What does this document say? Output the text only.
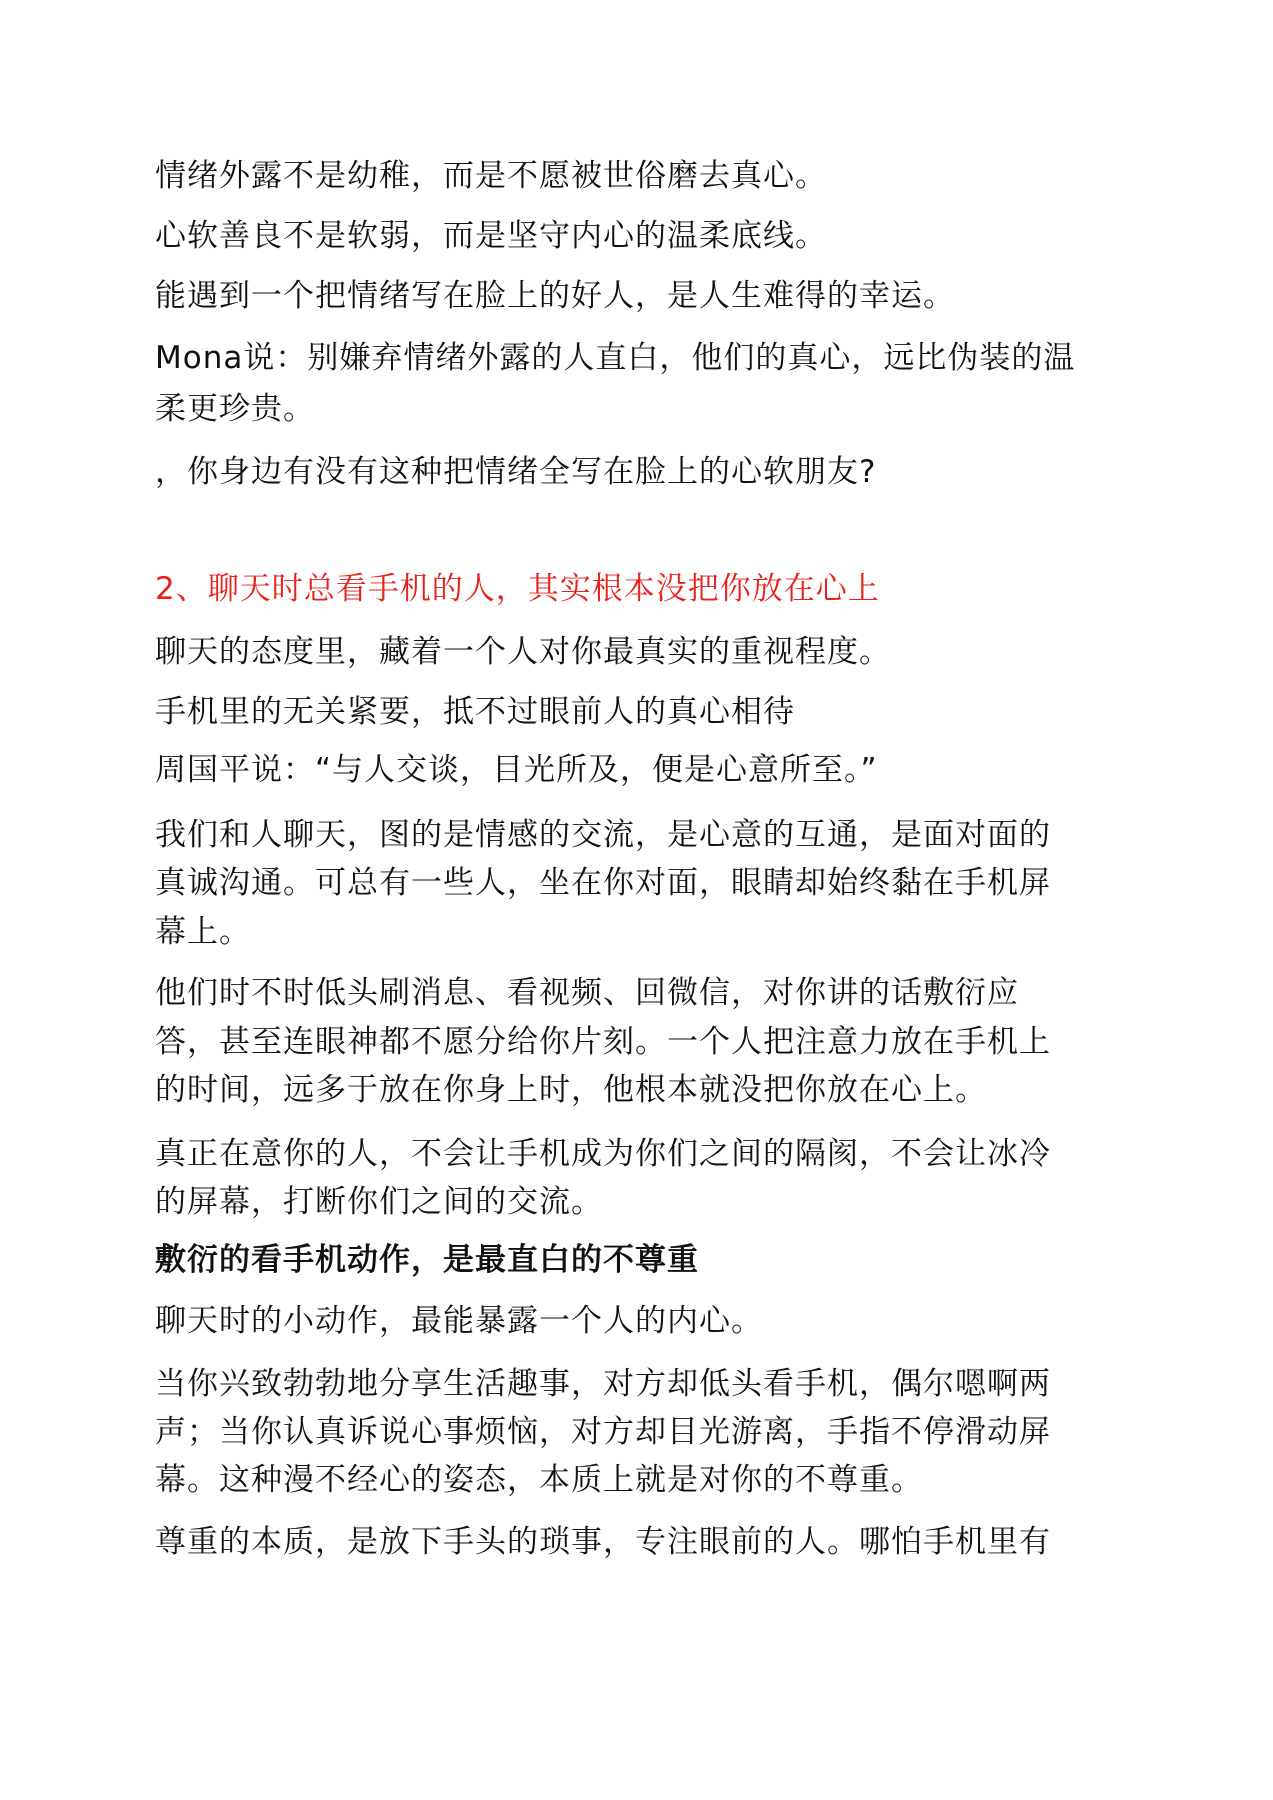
情绪外露不是幼稚，而是不愿被世俗磨去真心。

心软善良不是软弱，而是坚守内心的温柔底线。

能遇到一个把情绪写在脸上的好人，是人生难得的幸运。

Mona说：别嫌弃情绪外露的人直白，他们的真心，远比伪装的温

柔更珍贵。

，你身边有没有这种把情绪全写在脸上的心软朋友?

2、聊天时总看手机的人，其实根本没把你放在心上

聊天的态度里，藏着一个人对你最真实的重视程度。

手机里的无关紧要，抵不过眼前人的真心相待

周国平说：“与人交谈，目光所及，便是心意所至。”

我们和人聊天，图的是情感的交流，是心意的互通，是面对面的

真诚沟通。可总有一些人，坐在你对面，眼睛却始终黏在手机屏

幕上。

他们时不时低头刷消息、看视频、回微信，对你讲的话敷衍应

答，甚至连眼神都不愿分给你片刻。一个人把注意力放在手机上

的时间，远多于放在你身上时，他根本就没把你放在心上。

真正在意你的人，不会让手机成为你们之间的隔阂，不会让冰冷

的屏幕，打断你们之间的交流。

敷衍的看手机动作，是最直白的不尊重

聊天时的小动作，最能暴露一个人的内心。

当你兴致勃勃地分享生活趣事，对方却低头看手机，偶尔嗯啊两

声；当你认真诉说心事烦恼，对方却目光游离，手指不停滑动屏

幕。这种漫不经心的姿态，本质上就是对你的不尊重。

尊重的本质，是放下手头的琐事，专注眼前的人。哪怕手机里有
